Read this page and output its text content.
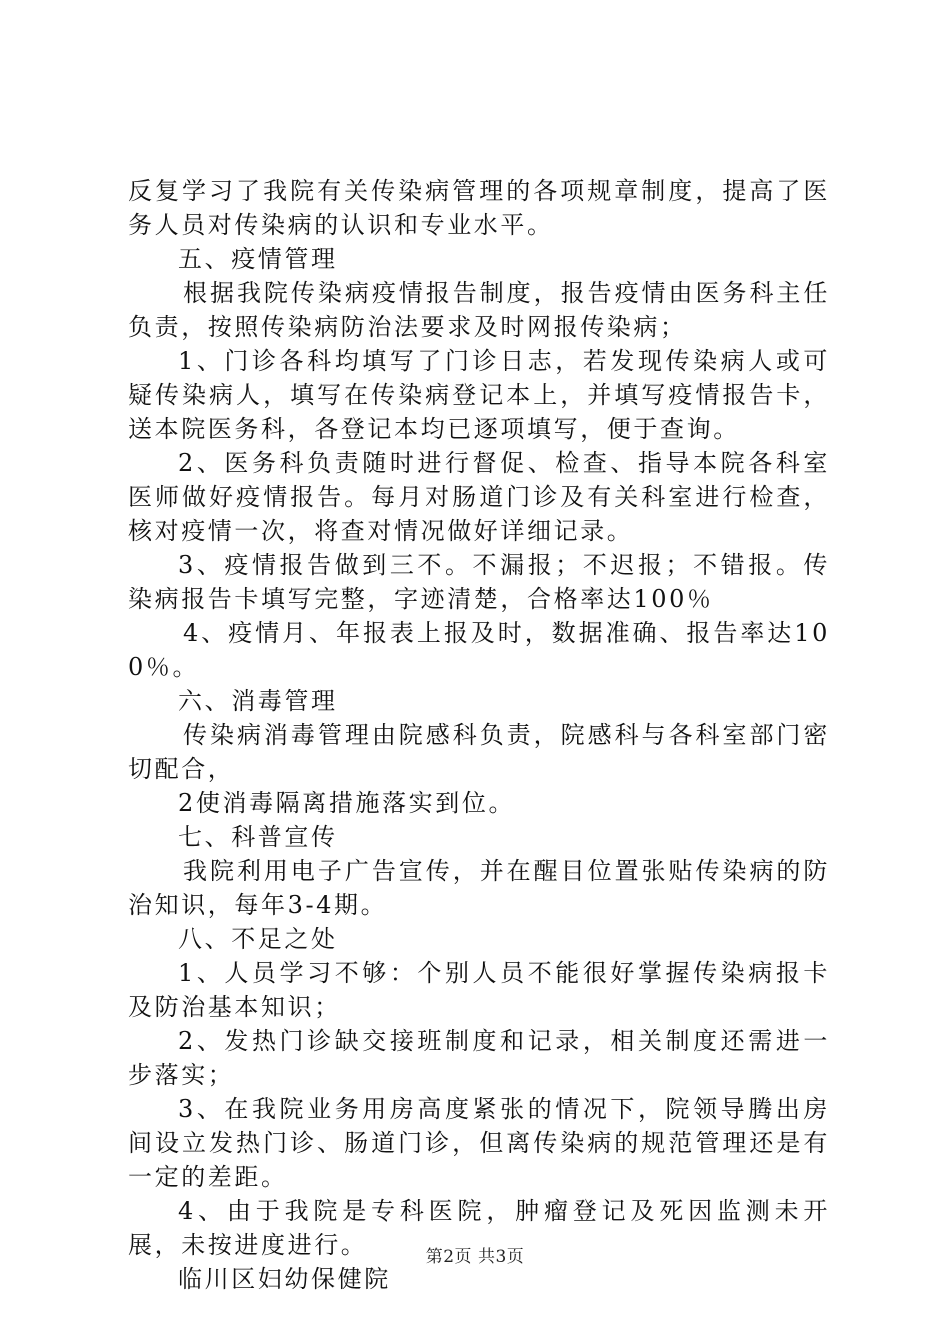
反复学习了我院有关传染病管理的各项规章制度，提高了医务人员对传染病的认识和专业水平。

五、疫情管理

根据我院传染病疫情报告制度，报告疫情由医务科主任负责，按照传染病防治法要求及时网报传染病；

1、门诊各科均填写了门诊日志，若发现传染病人或可疑传染病人，填写在传染病登记本上，并填写疫情报告卡，送本院医务科，各登记本均已逐项填写，便于查询。

2、医务科负责随时进行督促、检查、指导本院各科室医师做好疫情报告。每月对肠道门诊及有关科室进行检查，核对疫情一次，将查对情况做好详细记录。

3、疫情报告做到三不。不漏报；不迟报；不错报。传染病报告卡填写完整，字迹清楚，合格率达100％

4、疫情月、年报表上报及时，数据准确、报告率达100％。

六、消毒管理

传染病消毒管理由院感科负责，院感科与各科室部门密切配合，

2使消毒隔离措施落实到位。

七、科普宣传

我院利用电子广告宣传，并在醒目位置张贴传染病的防治知识，每年3-4期。

八、不足之处

1、人员学习不够：个别人员不能很好掌握传染病报卡及防治基本知识；

2、发热门诊缺交接班制度和记录，相关制度还需进一步落实；

3、在我院业务用房高度紧张的情况下，院领导腾出房间设立发热门诊、肠道门诊，但离传染病的规范管理还是有一定的差距。

4、由于我院是专科医院，肿瘤登记及死因监测未开展，未按进度进行。

临川区妇幼保健院

第2页 共3页
